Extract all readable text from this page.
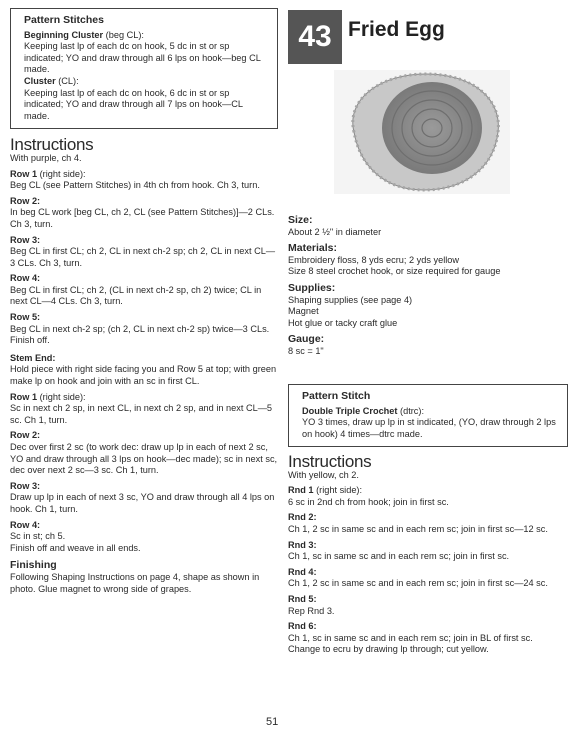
Pattern Stitches

Beginning Cluster (beg CL):

Keeping last lp of each dc on hook, 5 dc in st or sp indicated; YO and draw through all 6 lps on hook—beg CL made.

Cluster (CL):

Keeping last lp of each dc on hook, 6 dc in st or sp indicated; YO and draw through all 7 lps on hook—CL made.

Instructions

With purple, ch 4.

Row 1 (right side):

Beg CL (see Pattern Stitches) in 4th ch from hook. Ch 3, turn.

Row 2:

In beg CL work [beg CL, ch 2, CL (see Pattern Stitches)]—2 CLs. Ch 3, turn.

Row 3:

Beg CL in first CL; ch 2, CL in next ch-2 sp; ch 2, CL in next CL—3 CLs. Ch 3, turn.

Row 4:

Beg CL in first CL; ch 2, (CL in next ch-2 sp, ch 2) twice; CL in next CL—4 CLs. Ch 3, turn.

Row 5:

Beg CL in next ch-2 sp; (ch 2, CL in next ch-2 sp) twice—3 CLs. Finish off.

Stem End:

Hold piece with right side facing you and Row 5 at top; with green make lp on hook and join with an sc in first CL.

Row 1 (right side):

Sc in next ch 2 sp, in next CL, in next ch 2 sp, and in next CL—5 sc. Ch 1, turn.

Row 2:

Dec over first 2 sc (to work dec: draw up lp in each of next 2 sc, YO and draw through all 3 lps on hook—dec made); sc in next sc, dec over next 2 sc—3 sc. Ch 1, turn.

Row 3:

Draw up lp in each of next 3 sc, YO and draw through all 4 lps on hook. Ch 1, turn.

Row 4:

Sc in st; ch 5.

Finish off and weave in all ends.

Finishing

Following Shaping Instructions on page 4, shape as shown in photo. Glue magnet to wrong side of grapes.

43 Fried Egg
Size:

About 2 ½" in diameter

Materials:

Embroidery floss, 8 yds ecru; 2 yds yellow

Size 8 steel crochet hook, or size required for gauge

Supplies:

Shaping supplies (see page 4)

Magnet

Hot glue or tacky craft glue

Gauge:

8 sc = 1"

Pattern Stitch

Double Triple Crochet (dtrc):

YO 3 times, draw up lp in st indicated, (YO, draw through 2 lps on hook) 4 times—dtrc made.

Instructions

With yellow, ch 2.

Rnd 1 (right side):

6 sc in 2nd ch from hook; join in first sc.

Rnd 2:

Ch 1, 2 sc in same sc and in each rem sc; join in first sc—12 sc.

Rnd 3:

Ch 1, sc in same sc and in each rem sc; join in first sc.

Rnd 4:

Ch 1, 2 sc in same sc and in each rem sc; join in first sc—24 sc.

Rnd 5:

Rep Rnd 3.

Rnd 6:

Ch 1, sc in same sc and in each rem sc; join in BL of first sc. Change to ecru by drawing lp through; cut yellow.

51
